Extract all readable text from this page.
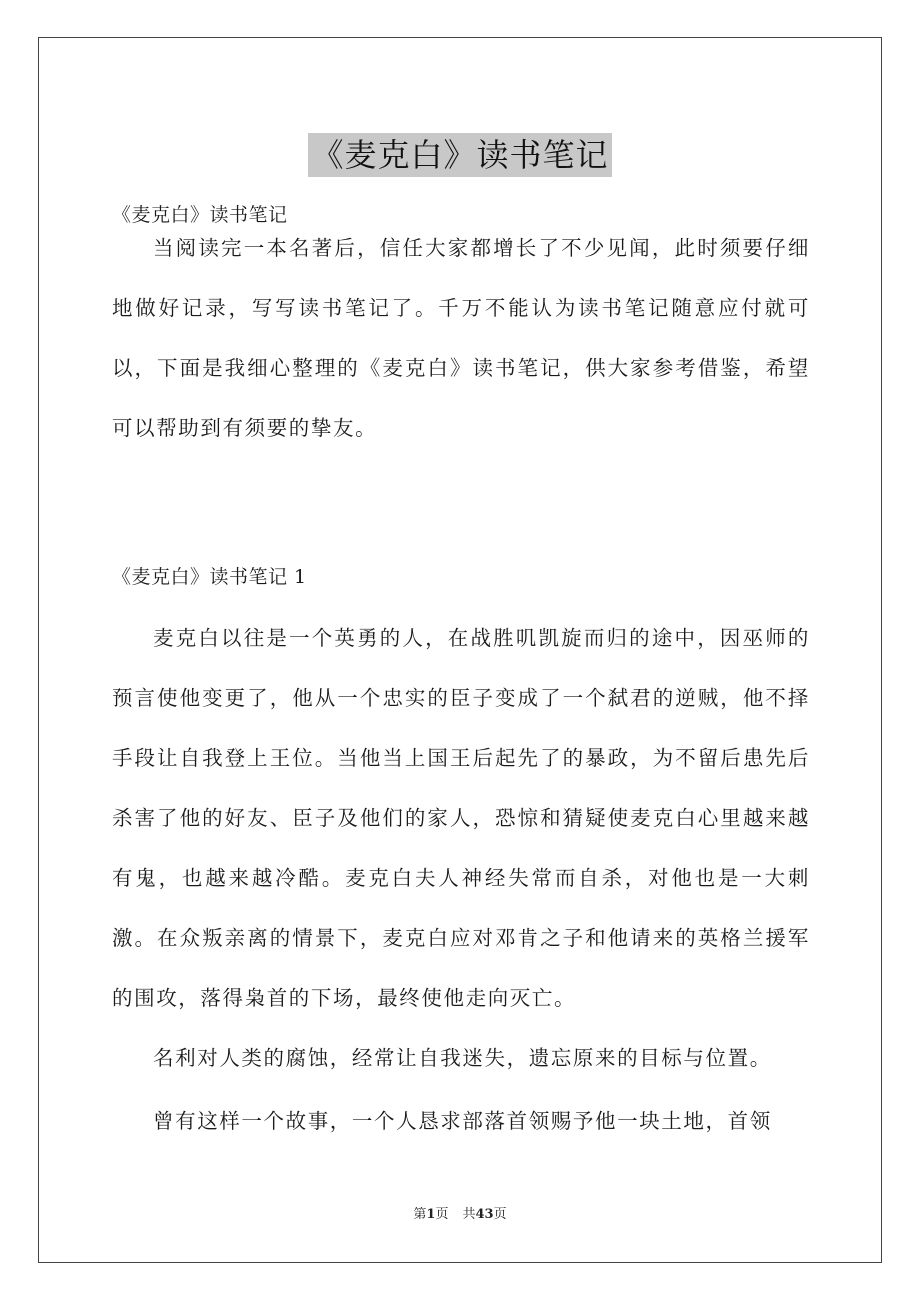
《麦克白》读书笔记

《麦克白》读书笔记

当阅读完一本名著后，信任大家都增长了不少见闻，此时须要仔细地做好记录，写写读书笔记了。千万不能认为读书笔记随意应付就可以，下面是我细心整理的《麦克白》读书笔记，供大家参考借鉴，希望可以帮助到有须要的挚友。

《麦克白》读书笔记 1

麦克白以往是一个英勇的人，在战胜叽凯旋而归的途中，因巫师的预言使他变更了，他从一个忠实的臣子变成了一个弑君的逆贼，他不择手段让自我登上王位。当他当上国王后起先了的暴政，为不留后患先后杀害了他的好友、臣子及他们的家人，恐惊和猜疑使麦克白心里越来越有鬼，也越来越冷酷。麦克白夫人神经失常而自杀，对他也是一大刺激。在众叛亲离的情景下，麦克白应对邓肯之子和他请来的英格兰援军的围攻，落得枭首的下场，最终使他走向灭亡。

名利对人类的腐蚀，经常让自我迷失，遗忘原来的目标与位置。

曾有这样一个故事，一个人恳求部落首领赐予他一块土地，首领

第1页 共43页
